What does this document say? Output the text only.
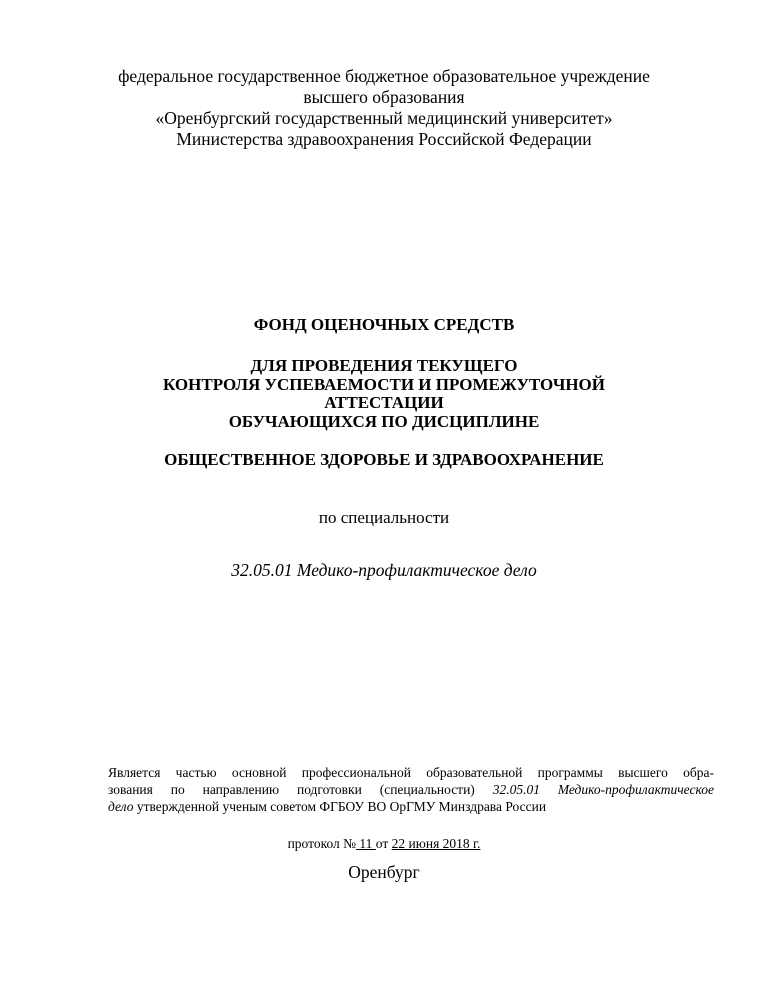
федеральное государственное бюджетное образовательное учреждение
высшего образования
«Оренбургский государственный медицинский университет»
Министерства здравоохранения Российской Федерации
ФОНД ОЦЕНОЧНЫХ СРЕДСТВ
ДЛЯ ПРОВЕДЕНИЯ ТЕКУЩЕГО
КОНТРОЛЯ УСПЕВАЕМОСТИ И ПРОМЕЖУТОЧНОЙ
АТТЕСТАЦИИ
ОБУЧАЮЩИХСЯ ПО ДИСЦИПЛИНЕ
ОБЩЕСТВЕННОЕ ЗДОРОВЬЕ И ЗДРАВООХРАНЕНИЕ
по специальности
32.05.01 Медико-профилактическое дело
Является частью основной профессиональной образовательной программы высшего обра-
зования по направлению подготовки (специальности) 32.05.01 Медико-профилактическое
дело утвержденной ученым советом ФГБОУ ВО ОрГМУ Минздрава России
протокол № 11 от 22 июня 2018 г.
Оренбург
